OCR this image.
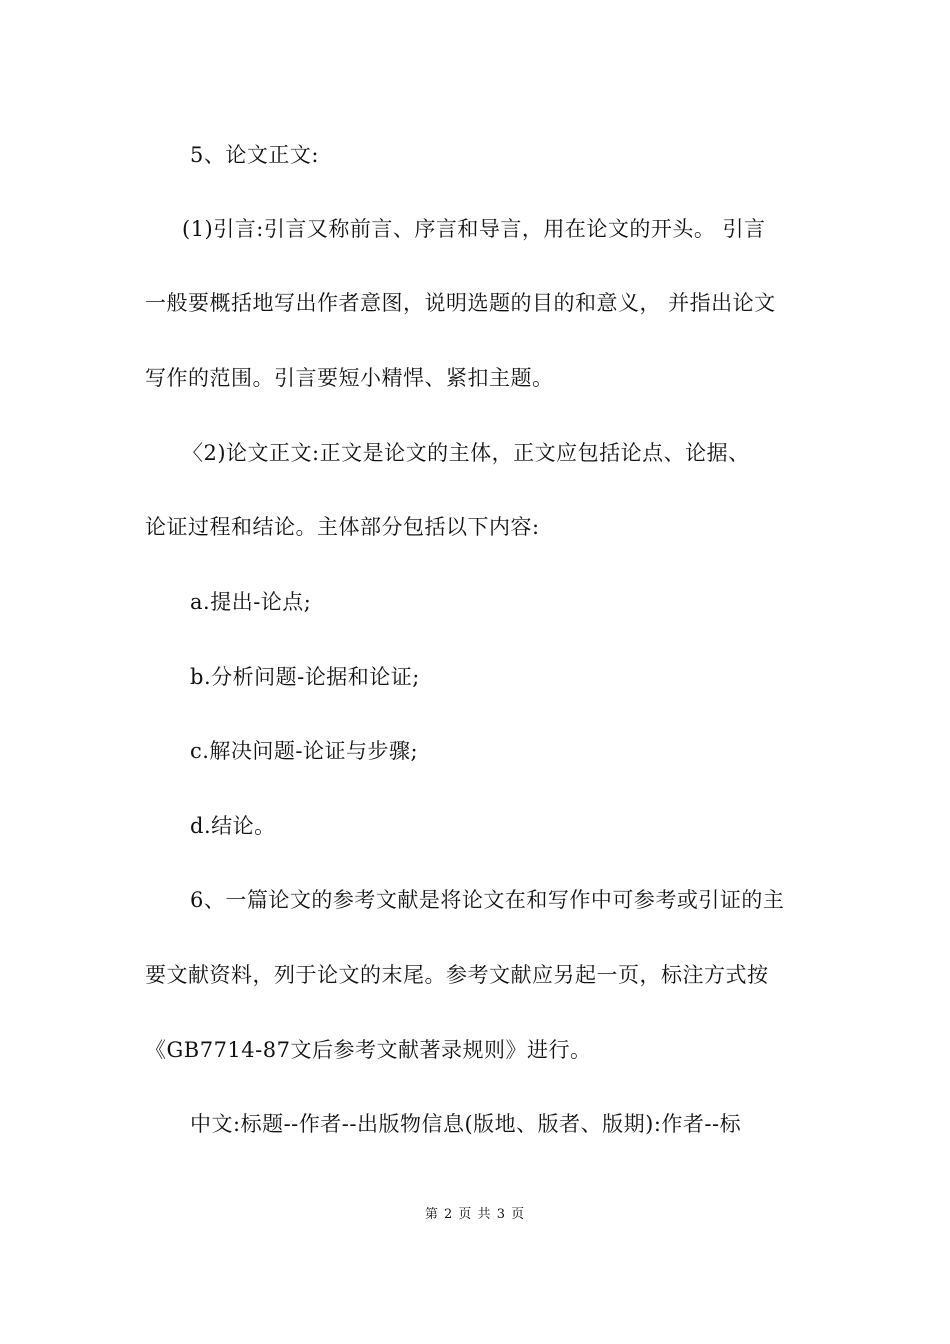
5、论文正文:
(1)引言:引言又称前言、序言和导言，用在论文的开头。 引言
一般要概括地写出作者意图，说明选题的目的和意义， 并指出论文
写作的范围。引言要短小精悍、紧扣主题。
〈2)论文正文:正文是论文的主体，正文应包括论点、论据、
论证过程和结论。主体部分包括以下内容:
a.提出-论点;
b.分析问题-论据和论证;
c.解决问题-论证与步骤;
d.结论。
6、一篇论文的参考文献是将论文在和写作中可参考或引证的主
要文献资料，列于论文的末尾。参考文献应另起一页，标注方式按
《GB7714-87文后参考文献著录规则》进行。
中文:标题--作者--出版物信息(版地、版者、版期):作者--标
第 2 页 共 3 页
